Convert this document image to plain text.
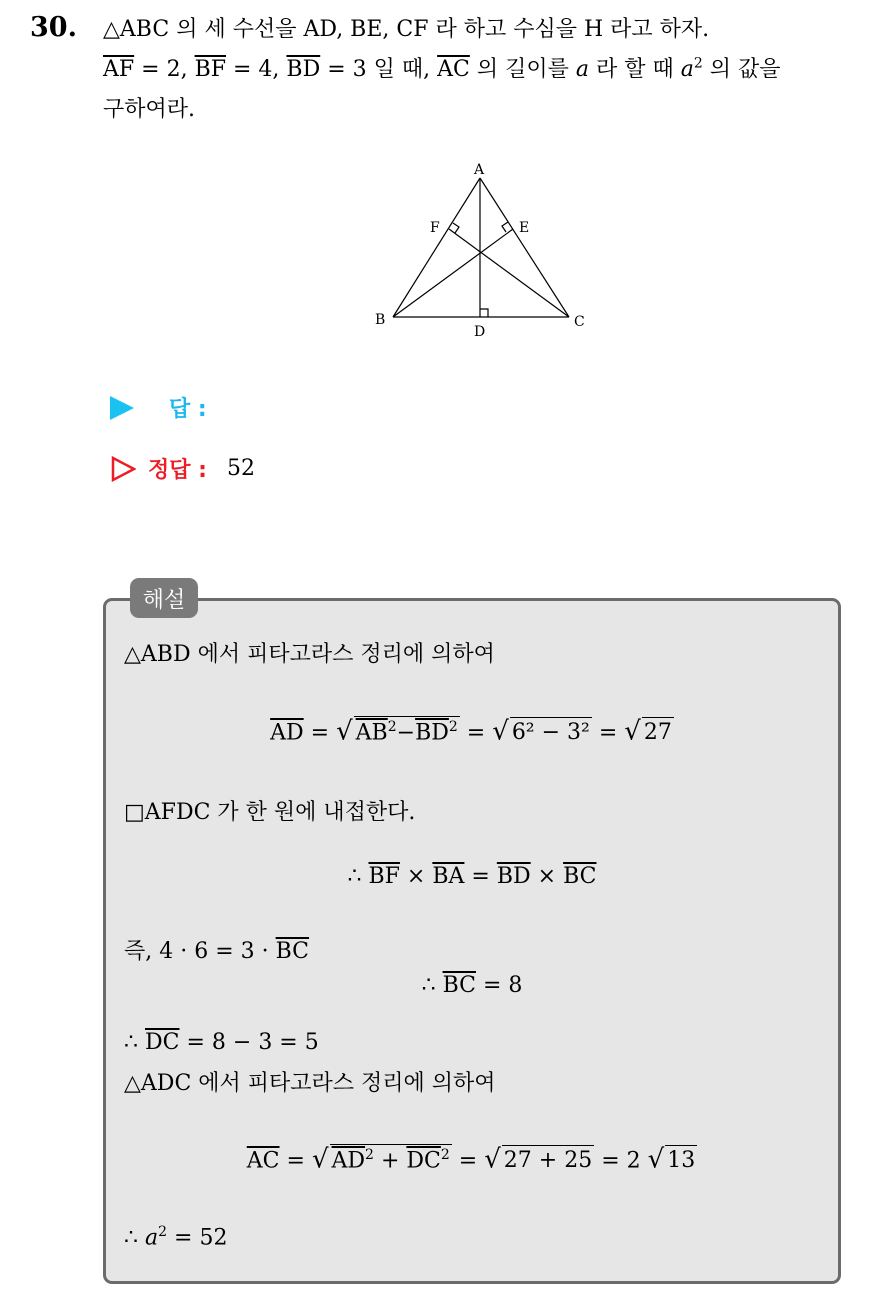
30. △ABC 의 세 수선을 AD, BE, CF 라 하고 수심을 H 라고 하자.
$\overline{AF} = 2$, $\overline{BF} = 4$, $\overline{BD} = 3$ 일 때, $\overline{AC}$ 의 길이를 a 라 할 때 $a^2$ 의 값을
구하여라.
A
B	C
D
E
F
답 :
정답 : 52
해설
△ABD 에서 피타고라스 정리에 의하여
$\overline{AD}$ = √ $AB^2-\overline{BD}^2$ = √ 6² − 3² = √ 27
□AFDC 가 한 원에 내접한다.
∴ $\overline{BF} \times \overline{BA} = \overline{BD} \times \overline{BC}$
즉, $4 \cdot 6 = 3 \cdot \overline{BC}$
∴ $\overline{BC} = 8$
∴ $\overline{DC} = 8 - 3 = 5$
△ADC 에서 피타고라스 정리에 의하여
$\overline{AC}$ = √ $AD^2 + \overline{DC}^2$ = √ 27 + 25 = 2 √ 13
∴ $a^2 = 52$
